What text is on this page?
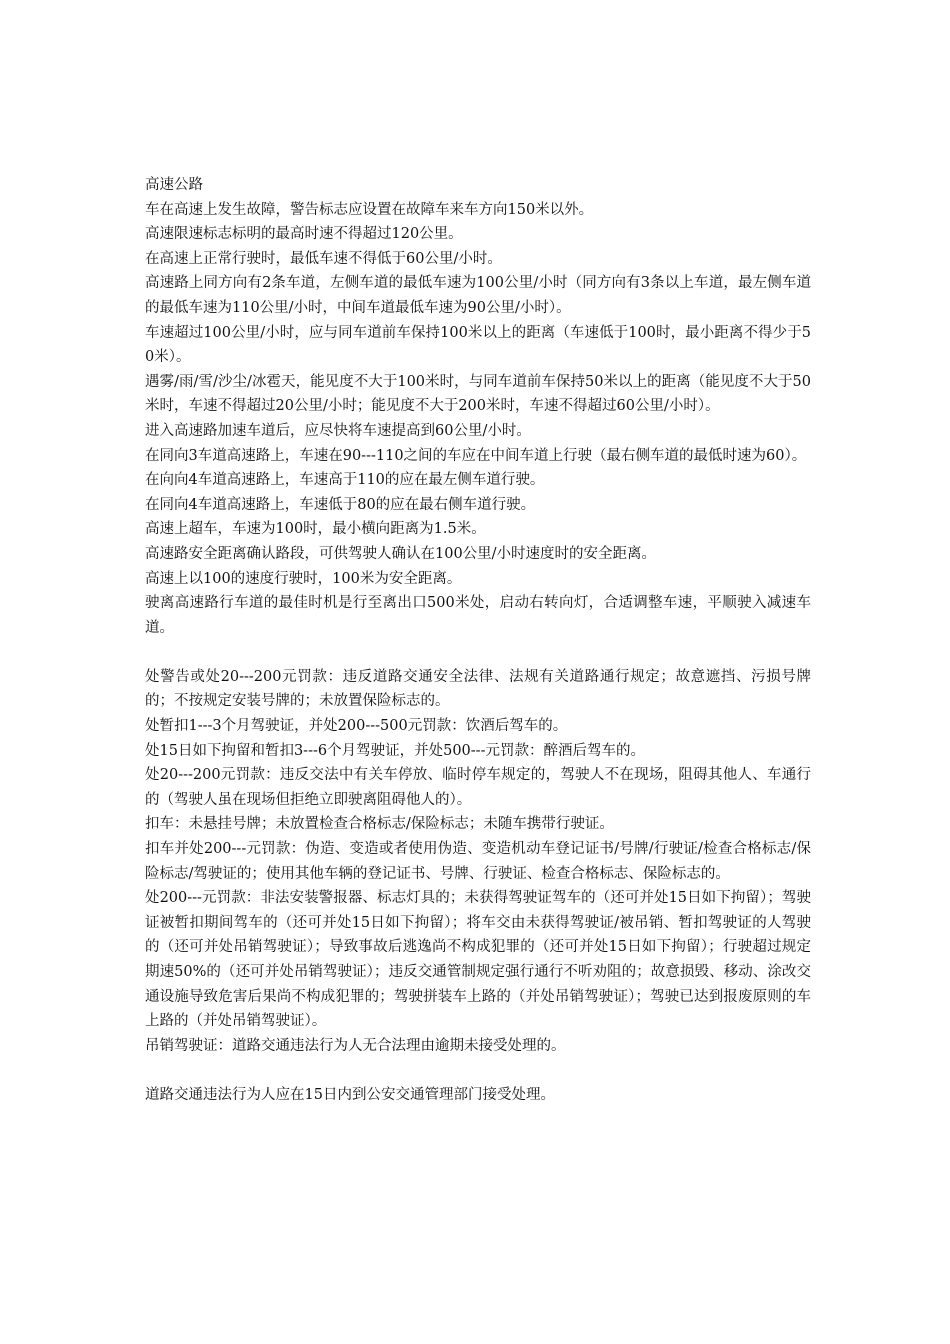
高速公路

车在高速上发生故障，警告标志应设置在故障车来车方向150米以外。

高速限速标志标明的最高时速不得超过120公里。

在高速上正常行驶时，最低车速不得低于60公里/小时。

高速路上同方向有2条车道，左侧车道的最低车速为100公里/小时（同方向有3条以上车道，最左侧车道的最低车速为110公里/小时，中间车道最低车速为90公里/小时）。

车速超过100公里/小时，应与同车道前车保持100米以上的距离（车速低于100时，最小距离不得少于50米）。

遇雾/雨/雪/沙尘/冰雹天，能见度不大于100米时，与同车道前车保持50米以上的距离（能见度不大于50米时，车速不得超过20公里/小时；能见度不大于200米时，车速不得超过60公里/小时）。

进入高速路加速车道后，应尽快将车速提高到60公里/小时。

在同向3车道高速路上，车速在90---110之间的车应在中间车道上行驶（最右侧车道的最低时速为60）。

在向向4车道高速路上，车速高于110的应在最左侧车道行驶。

在同向4车道高速路上，车速低于80的应在最右侧车道行驶。

高速上超车，车速为100时，最小横向距离为1.5米。

高速路安全距离确认路段，可供驾驶人确认在100公里/小时速度时的安全距离。

高速上以100的速度行驶时，100米为安全距离。

驶离高速路行车道的最佳时机是行至离出口500米处，启动右转向灯，合适调整车速，平顺驶入减速车道。

处警告或处20---200元罚款：违反道路交通安全法律、法规有关道路通行规定；故意遮挡、污损号牌的；不按规定安装号牌的；未放置保险标志的。

处暂扣1---3个月驾驶证，并处200---500元罚款：饮酒后驾车的。

处15日如下拘留和暂扣3---6个月驾驶证，并处500---元罚款：醉酒后驾车的。

处20---200元罚款：违反交法中有关车停放、临时停车规定的，驾驶人不在现场，阻碍其他人、车通行的（驾驶人虽在现场但拒绝立即驶离阻碍他人的）。

扣车：未悬挂号牌；未放置检查合格标志/保险标志；未随车携带行驶证。

扣车并处200---元罚款：伪造、变造或者使用伪造、变造机动车登记证书/号牌/行驶证/检查合格标志/保险标志/驾驶证的；使用其他车辆的登记证书、号牌、行驶证、检查合格标志、保险标志的。

处200---元罚款：非法安装警报器、标志灯具的；未获得驾驶证驾车的（还可并处15日如下拘留）；驾驶证被暂扣期间驾车的（还可并处15日如下拘留）；将车交由未获得驾驶证/被吊销、暂扣驾驶证的人驾驶的（还可并处吊销驾驶证）；导致事故后逃逸尚不构成犯罪的（还可并处15日如下拘留）；行驶超过规定期速50%的（还可并处吊销驾驶证）；违反交通管制规定强行通行不听劝阻的；故意损毁、移动、涂改交通设施导致危害后果尚不构成犯罪的；驾驶拼装车上路的（并处吊销驾驶证）；驾驶已达到报废原则的车上路的（并处吊销驾驶证）。

吊销驾驶证：道路交通违法行为人无合法理由逾期未接受处理的。

道路交通违法行为人应在15日内到公安交通管理部门接受处理。
